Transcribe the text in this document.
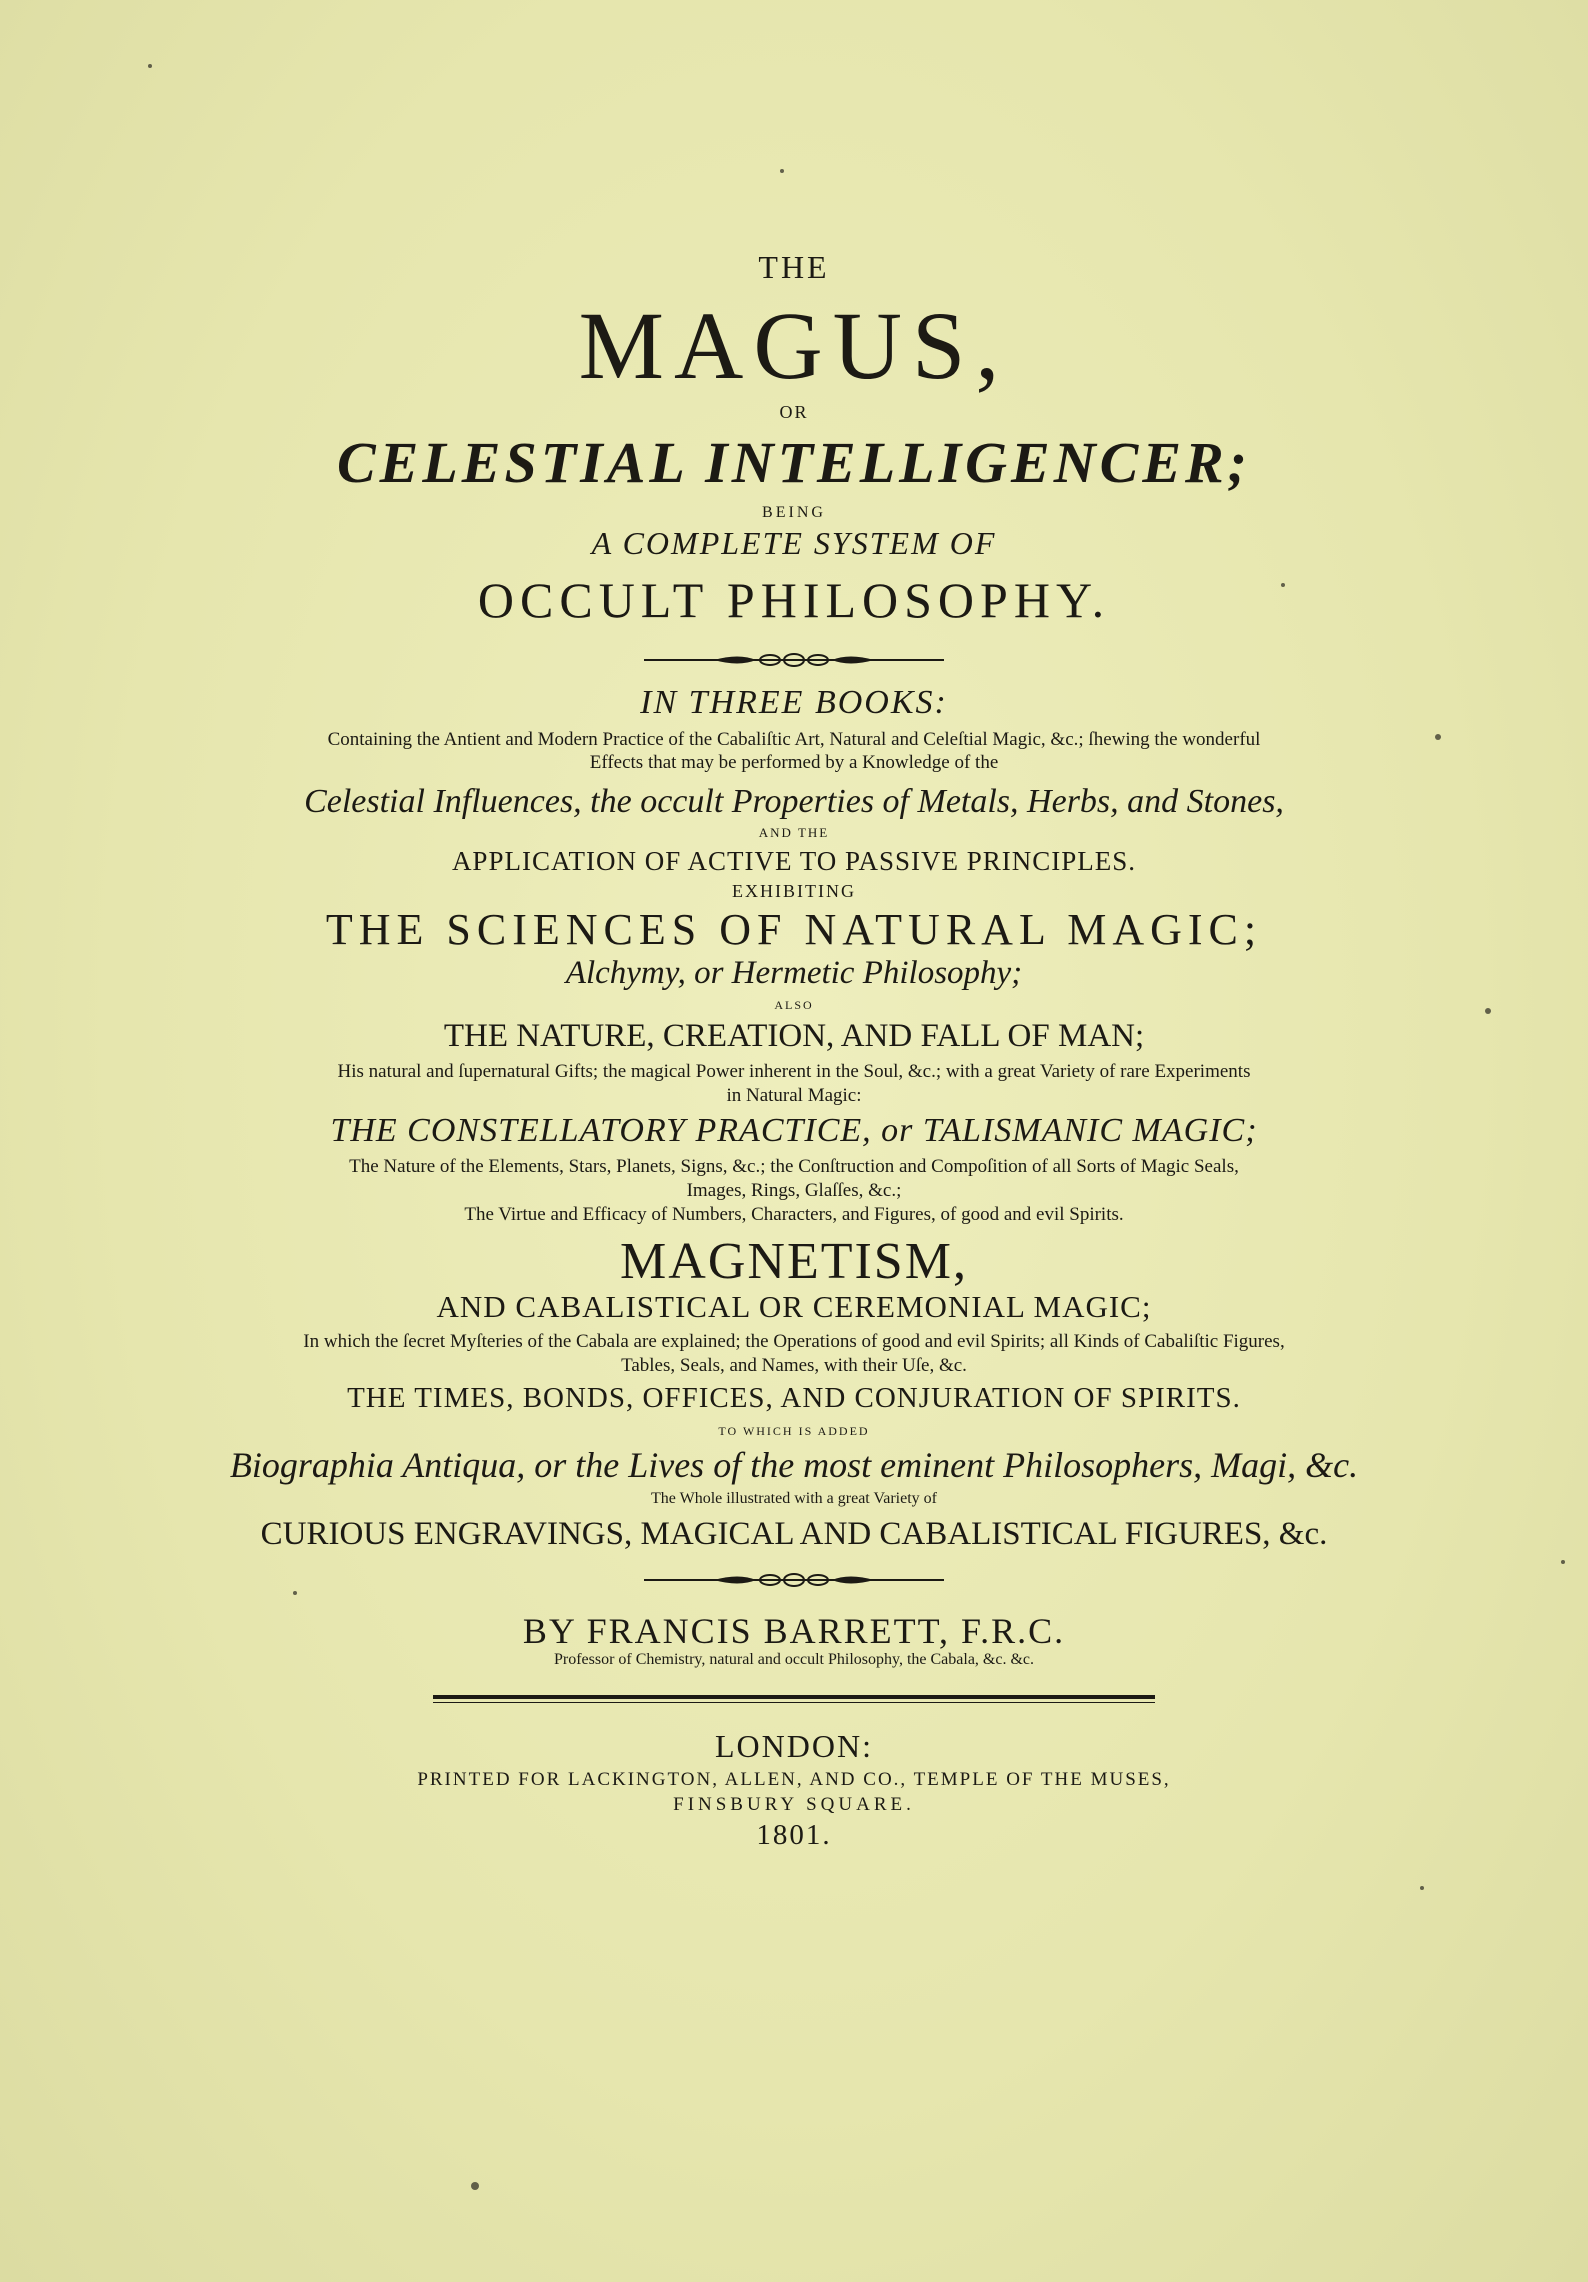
THE
MAGUS,
OR
CELESTIAL INTELLIGENCER;
BEING
A COMPLETE SYSTEM OF
OCCULT PHILOSOPHY.
IN THREE BOOKS:
Containing the Antient and Modern Practice of the Cabaliſtic Art, Natural and Celeſtial Magic, &c.; ſhewing the wonderful
Effects that may be performed by a Knowledge of the
Celestial Influences, the occult Properties of Metals, Herbs, and Stones,
AND THE
APPLICATION OF ACTIVE TO PASSIVE PRINCIPLES.
EXHIBITING
THE SCIENCES OF NATURAL MAGIC;
Alchymy, or Hermetic Philosophy;
ALSO
THE NATURE, CREATION, AND FALL OF MAN;
His natural and ſupernatural Gifts; the magical Power inherent in the Soul, &c.; with a great Variety of rare Experiments
in Natural Magic:
THE CONSTELLATORY PRACTICE, or TALISMANIC MAGIC;
The Nature of the Elements, Stars, Planets, Signs, &c.; the Conſtruction and Compoſition of all Sorts of Magic Seals,
Images, Rings, Glaſſes, &c.;
The Virtue and Efficacy of Numbers, Characters, and Figures, of good and evil Spirits.
MAGNETISM,
AND CABALISTICAL OR CEREMONIAL MAGIC;
In which the ſecret Myſteries of the Cabala are explained; the Operations of good and evil Spirits; all Kinds of Cabaliſtic Figures,
Tables, Seals, and Names, with their Uſe, &c.
THE TIMES, BONDS, OFFICES, AND CONJURATION OF SPIRITS.
TO WHICH IS ADDED
Biographia Antiqua, or the Lives of the most eminent Philosophers, Magi, &c.
The Whole illustrated with a great Variety of
CURIOUS ENGRAVINGS, MAGICAL AND CABALISTICAL FIGURES, &c.
BY FRANCIS BARRETT, F.R.C.
Professor of Chemistry, natural and occult Philosophy, the Cabala, &c. &c.
LONDON:
PRINTED FOR LACKINGTON, ALLEN, AND CO., TEMPLE OF THE MUSES,
FINSBURY SQUARE.
1801.
